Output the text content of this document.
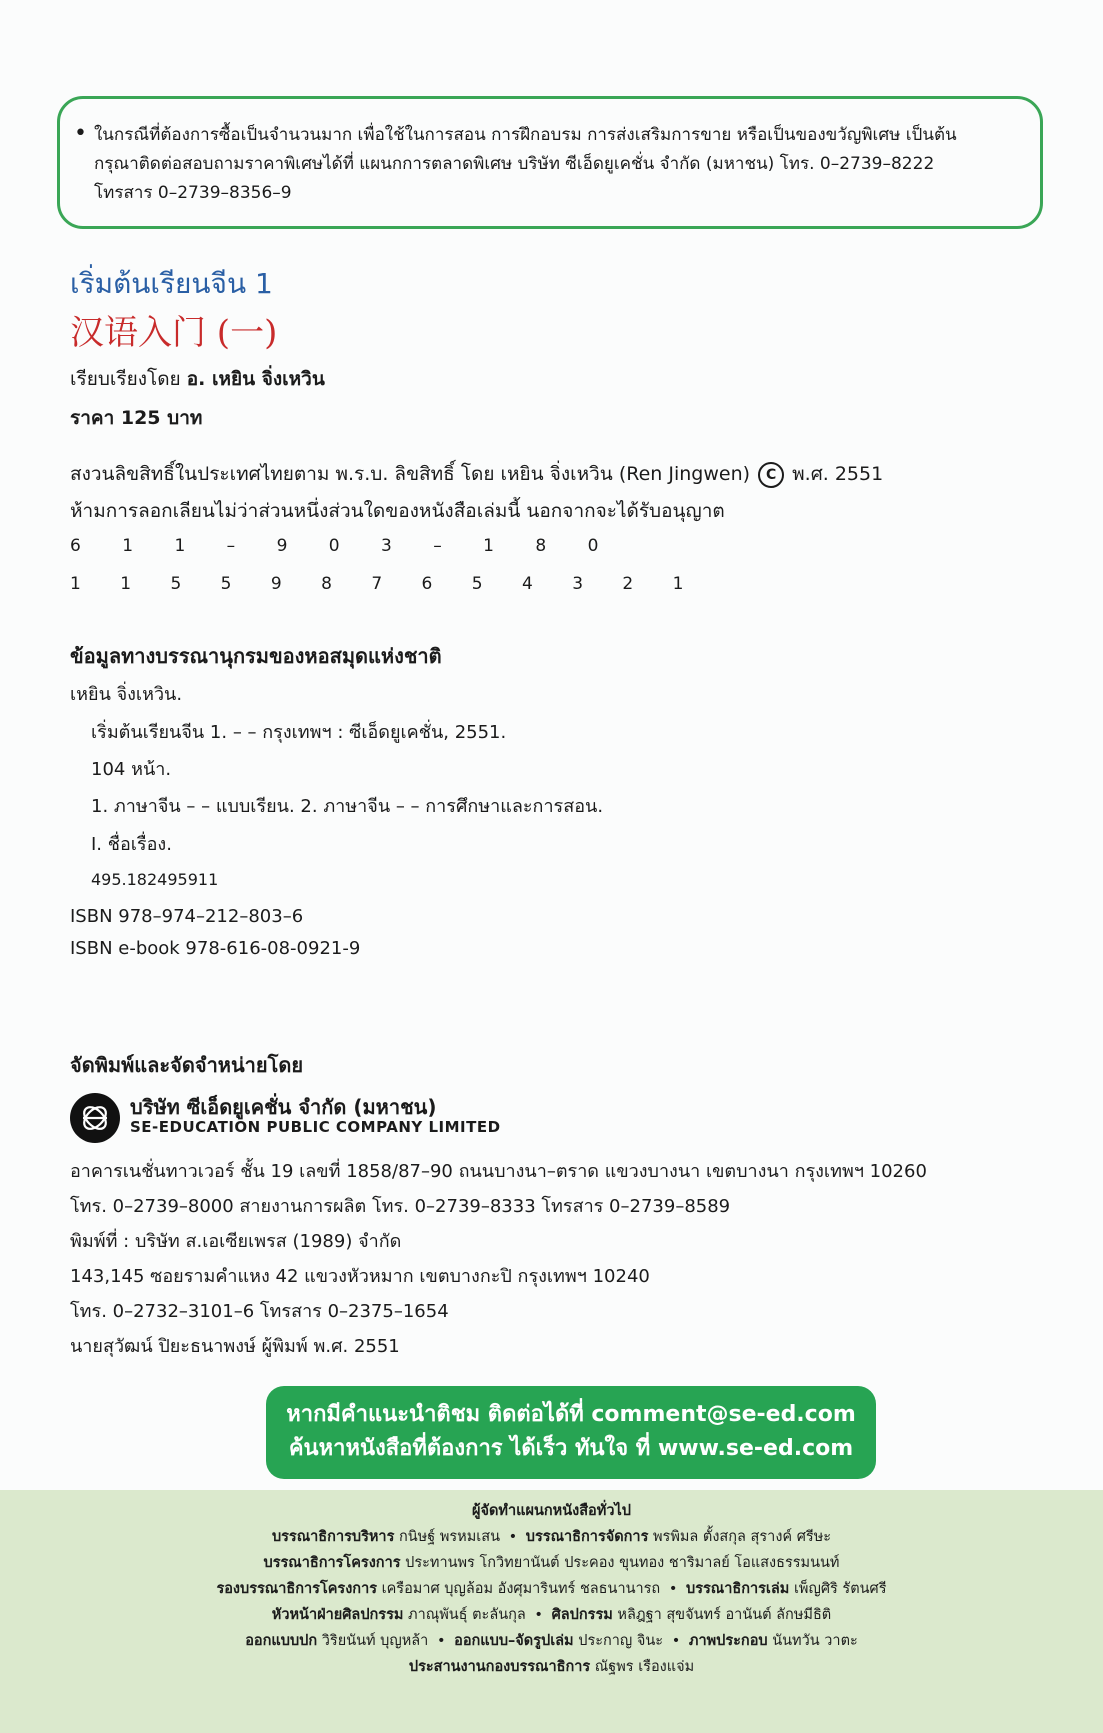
• ในกรณีที่ต้องการซื้อเป็นจำนวนมาก เพื่อใช้ในการสอน การฝึกอบรม การส่งเสริมการขาย หรือเป็นของขวัญพิเศษ เป็นต้น
กรุณาติดต่อสอบถามราคาพิเศษได้ที่ แผนกการตลาดพิเศษ บริษัท ซีเอ็ดยูเคชั่น จำกัด (มหาชน) โทร. 0–2739–8222
โทรสาร 0–2739–8356–9
เริ่มต้นเรียนจีน 1
汉语入门 (一)
เรียบเรียงโดย อ. เหยิน จิ่งเหวิน
ราคา 125 บาท
สงวนลิขสิทธิ์ในประเทศไทยตาม พ.ร.บ. ลิขสิทธิ์ โดย เหยิน จิ่งเหวิน (Ren Jingwen) C พ.ศ. 2551
ห้ามการลอกเลียนไม่ว่าส่วนหนึ่งส่วนใดของหนังสือเล่มนี้ นอกจากจะได้รับอนุญาต
6 1 1 – 9 0 3 – 1 8 0
1 1 5 5 9 8 7 6 5 4 3 2 1
ข้อมูลทางบรรณานุกรมของหอสมุดแห่งชาติ
เหยิน จิ่งเหวิน.
เริ่มต้นเรียนจีน 1. – – กรุงเทพฯ : ซีเอ็ดยูเคชั่น, 2551.
104 หน้า.
1. ภาษาจีน – – แบบเรียน. 2. ภาษาจีน – – การศึกษาและการสอน.
I. ชื่อเรื่อง.
495.182495911
ISBN 978–974–212–803–6
ISBN e-book 978-616-08-0921-9
จัดพิมพ์และจัดจำหน่ายโดย
บริษัท ซีเอ็ดยูเคชั่น จำกัด (มหาชน)
SE-EDUCATION PUBLIC COMPANY LIMITED
อาคารเนชั่นทาวเวอร์ ชั้น 19 เลขที่ 1858/87–90 ถนนบางนา–ตราด แขวงบางนา เขตบางนา กรุงเทพฯ 10260
โทร. 0–2739–8000 สายงานการผลิต โทร. 0–2739–8333 โทรสาร 0–2739–8589
พิมพ์ที่ : บริษัท ส.เอเซียเพรส (1989) จำกัด
143,145 ซอยรามคำแหง 42 แขวงหัวหมาก เขตบางกะปิ กรุงเทพฯ 10240
โทร. 0–2732–3101–6 โทรสาร 0–2375–1654
นายสุวัฒน์ ปิยะธนาพงษ์ ผู้พิมพ์ พ.ศ. 2551
หากมีคำแนะนำติชม ติดต่อได้ที่ comment@se-ed.com
ค้นหาหนังสือที่ต้องการ ได้เร็ว ทันใจ ที่ www.se-ed.com
ผู้จัดทำแผนกหนังสือทั่วไป
บรรณาธิการบริหาร กนิษฐ์ พรหมเสน • บรรณาธิการจัดการ พรพิมล ตั้งสกุล สุรางค์ ศรีษะ
บรรณาธิการโครงการ ประทานพร โกวิทยานันต์ ประคอง ขุนทอง ชาริมาลย์ โอแสงธรรมนนท์
รองบรรณาธิการโครงการ เครือมาศ บุญล้อม อังศุมารินทร์ ชลธนานารถ • บรรณาธิการเล่ม เพ็ญศิริ รัตนศรี
หัวหน้าฝ่ายศิลปกรรม ภาณุพันธุ์ ตะลันกุล • ศิลปกรรม หลิฎฐา สุขจันทร์ อานันต์ ลักษมีธิติ
ออกแบบปก วิริยนันท์ บุญหล้า • ออกแบบ–จัดรูปเล่ม ประกาญ จินะ • ภาพประกอบ นันทวัน วาตะ
ประสานงานกองบรรณาธิการ ณัฐพร เรืองแจ่ม
